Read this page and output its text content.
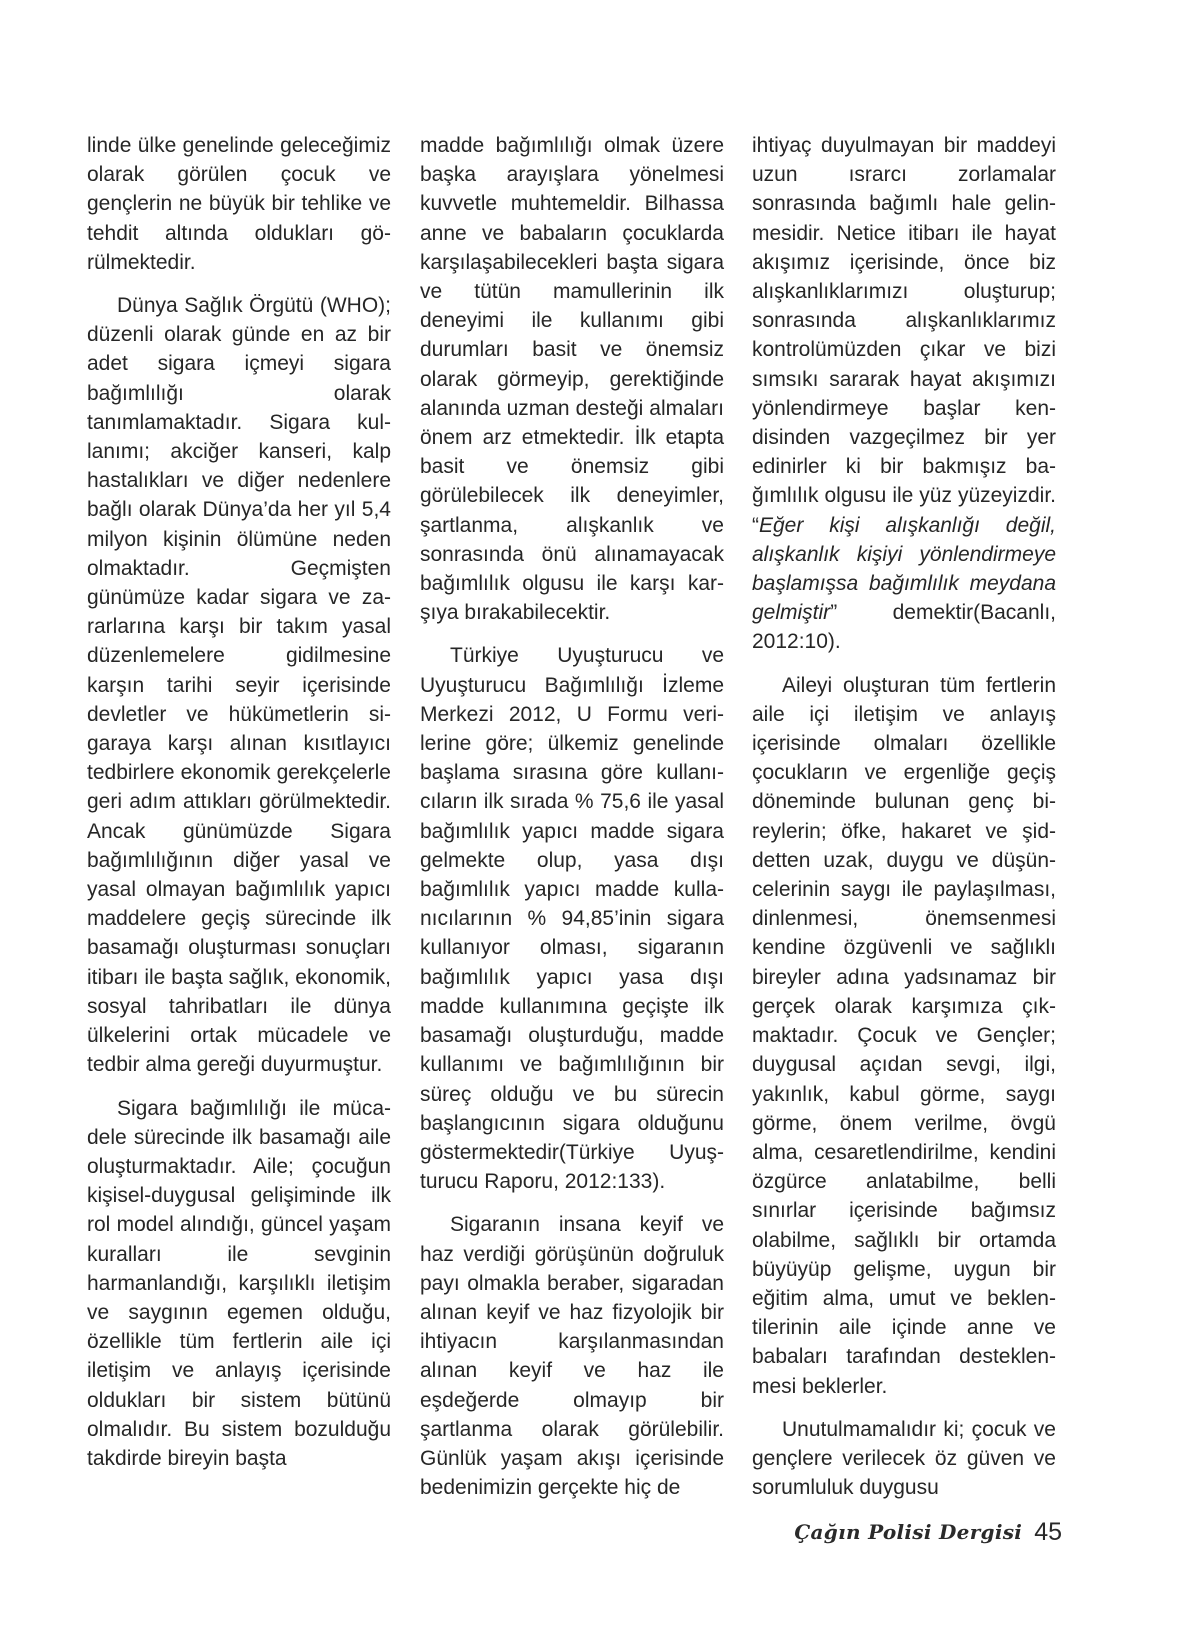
linde ülke genelinde geleceğimiz olarak görülen çocuk ve gençlerin ne büyük bir tehlike ve tehdit altında oldukları görülmektedir.

Dünya Sağlık Örgütü (WHO); düzenli olarak günde en az bir adet sigara içmeyi sigara bağımlılığı olarak tanımlamaktadır. Sigara kullanımı; akciğer kanseri, kalp hastalıkları ve diğer nedenlere bağlı olarak Dünya’da her yıl 5,4 milyon kişinin ölümüne neden olmaktadır. Geçmişten günümüze kadar sigara ve zararlarına karşı bir takım yasal düzenlemelere gidilmesine karşın tarihi seyir içerisinde devletler ve hükümetlerin sigaraya karşı alınan kısıtlayıcı tedbirlere ekonomik gerekçelerle geri adım attıkları görülmektedir. Ancak günümüzde Sigara bağımlılığının diğer yasal ve yasal olmayan bağımlılık yapıcı maddelere geçiş sürecinde ilk basamağı oluşturması sonuçları itibarı ile başta sağlık, ekonomik, sosyal tahribatları ile dünya ülkelerini ortak mücadele ve tedbir alma gereği duyurmuştur.

Sigara bağımlılığı ile mücadele sürecinde ilk basamağı aile oluşturmaktadır. Aile; çocuğun kişisel-duygusal gelişiminde ilk rol model alındığı, güncel yaşam kuralları ile sevginin harmanlandığı, karşılıklı iletişim ve saygının egemen olduğu, özellikle tüm fertlerin aile içi iletişim ve anlayış içerisinde oldukları bir sistem bütünü olmalıdır. Bu sistem bozulduğu takdirde bireyin başta

madde bağımlılığı olmak üzere başka arayışlara yönelmesi kuvvetle muhtemeldir. Bilhassa anne ve babaların çocuklarda karşılaşabilecekleri başta sigara ve tütün mamullerinin ilk deneyimi ile kullanımı gibi durumları basit ve önemsiz olarak görmeyip, gerektiğinde alanında uzman desteği almaları önem arz etmektedir. İlk etapta basit ve önemsiz gibi görülebilecek ilk deneyimler, şartlanma, alışkanlık ve sonrasında önü alınamayacak bağımlılık olgusu ile karşı karşıya bırakabilecektir.

Türkiye Uyuşturucu ve Uyuşturucu Bağımlılığı İzleme Merkezi 2012, U Formu verilerine göre; ülkemiz genelinde başlama sırasına göre kullanıcıların ilk sırada % 75,6 ile yasal bağımlılık yapıcı madde sigara gelmekte olup, yasa dışı bağımlılık yapıcı madde kullanıcılarının % 94,85’inin sigara kullanıyor olması, sigaranın bağımlılık yapıcı yasa dışı madde kullanımına geçişte ilk basamağı oluşturduğu, madde kullanımı ve bağımlılığının bir süreç olduğu ve bu sürecin başlangıcının sigara olduğunu göstermektedir(Türkiye Uyuşturucu Raporu, 2012:133).

Sigaranın insana keyif ve haz verdiği görüşünün doğruluk payı olmakla beraber, sigaradan alınan keyif ve haz fizyolojik bir ihtiyacın karşılanmasından alınan keyif ve haz ile eşdeğerde olmayıp bir şartlanma olarak görülebilir. Günlük yaşam akışı içerisinde bedenimizin gerçekte hiç de

ihtiyaç duyulmayan bir maddeyi uzun ısrarcı zorlamalar sonrasında bağımlı hale gelinmesidir. Netice itibarı ile hayat akışımız içerisinde, önce biz alışkanlıklarımızı oluşturup; sonrasında alışkanlıklarımız kontrolümüzden çıkar ve bizi sımsıkı sararak hayat akışımızı yönlendirmeye başlar kendisinden vazgeçilmez bir yer edinirler ki bir bakmışız bağımlılık olgusu ile yüz yüzeyizdir. “Eğer kişi alışkanlığı değil, alışkanlık kişiyi yönlendirmeye başlamışsa bağımlılık meydana gelmiştir” demektir(Bacanlı, 2012:10).

Aileyi oluşturan tüm fertlerin aile içi iletişim ve anlayış içerisinde olmaları özellikle çocukların ve ergenliğe geçiş döneminde bulunan genç bireylerin; öfke, hakaret ve şiddetten uzak, duygu ve düşüncelerinin saygı ile paylaşılması, dinlenmesi, önemsenmesi kendine özgüvenli ve sağlıklı bireyler adına yadsınamaz bir gerçek olarak karşımıza çıkmaktadır. Çocuk ve Gençler; duygusal açıdan sevgi, ilgi, yakınlık, kabul görme, saygı görme, önem verilme, övgü alma, cesaretlendirilme, kendini özgürce anlatabilme, belli sınırlar içerisinde bağımsız olabilme, sağlıklı bir ortamda büyüyüp gelişme, uygun bir eğitim alma, umut ve beklentilerinin aile içinde anne ve babaları tarafından desteklenmesi beklerler.

Unutulmamalıdır ki; çocuk ve gençlere verilecek öz güven ve sorumluluk duygusu

Çağın Polisi Dergisi 45
